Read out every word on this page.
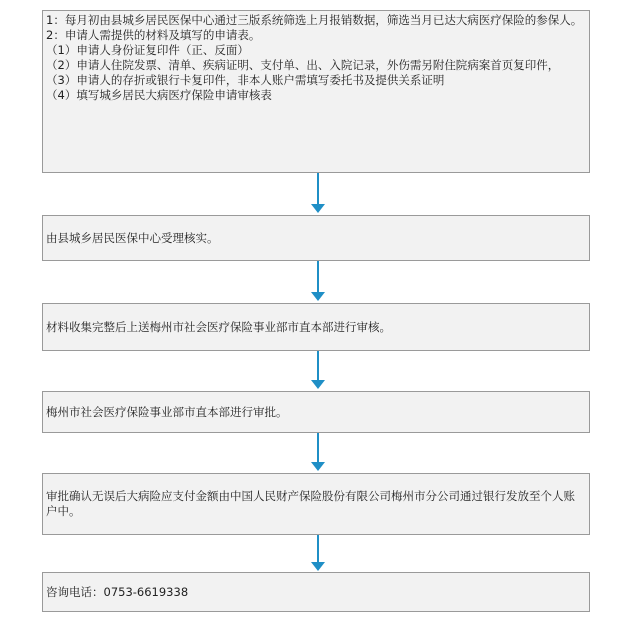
1：每月初由县城乡居民医保中心通过三版系统筛选上月报销数据，筛选当月已达大病医疗保险的参保人。
2：申请人需提供的材料及填写的申请表。
（1）申请人身份证复印件（正、反面）
（2）申请人住院发票、清单、疾病证明、支付单、出、入院记录，外伤需另附住院病案首页复印件，
（3）申请人的存折或银行卡复印件，非本人账户需填写委托书及提供关系证明
（4）填写城乡居民大病医疗保险申请审核表
由县城乡居民医保中心受理核实。
材料收集完整后上送梅州市社会医疗保险事业部市直本部进行审核。
梅州市社会医疗保险事业部市直本部进行审批。
审批确认无误后大病险应支付金额由中国人民财产保险股份有限公司梅州市分公司通过银行发放至个人账户中。
咨询电话：0753-6619338
